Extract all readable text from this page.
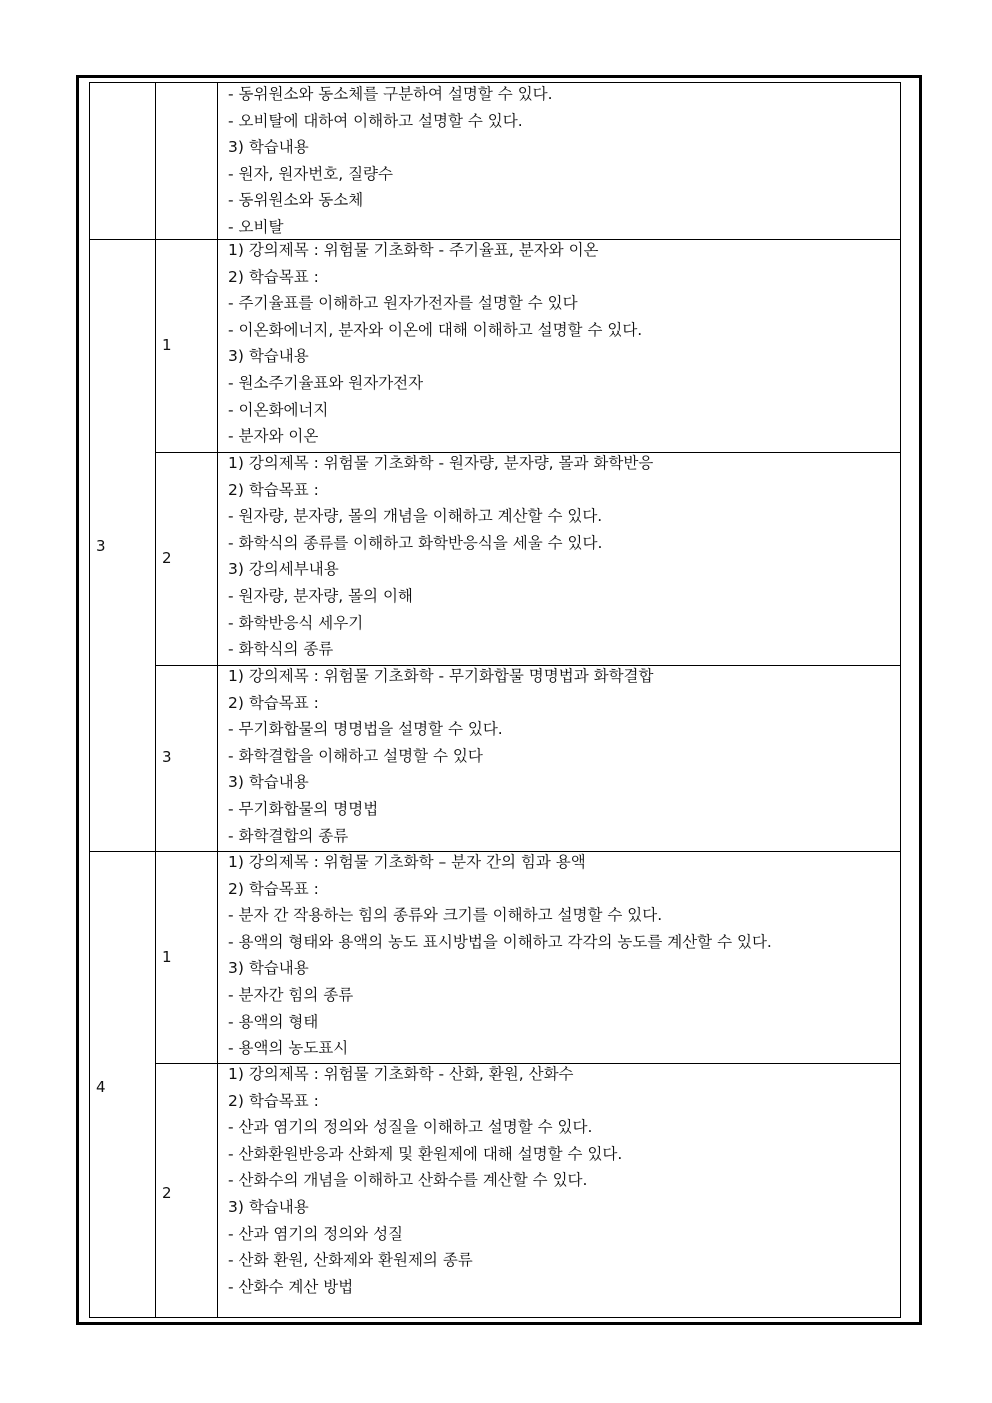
3
4
1
2
3
1
2
- 동위원소와 동소체를 구분하여 설명할 수 있다.
- 오비탈에 대하여 이해하고 설명할 수 있다.
3) 학습내용
- 원자, 원자번호, 질량수
- 동위원소와 동소체
- 오비탈
1) 강의제목 : 위험물 기초화학 - 주기율표, 분자와 이온
2) 학습목표 :
- 주기율표를 이해하고 원자가전자를 설명할 수 있다
- 이온화에너지, 분자와 이온에 대해 이해하고 설명할 수 있다.
3) 학습내용
- 원소주기율표와 원자가전자
- 이온화에너지
- 분자와 이온
1) 강의제목 : 위험물 기초화학 - 원자량, 분자량, 몰과 화학반응
2) 학습목표 :
- 원자량, 분자량, 몰의 개념을 이해하고 계산할 수 있다.
- 화학식의 종류를 이해하고 화학반응식을 세울 수 있다.
3) 강의세부내용
- 원자량, 분자량, 몰의 이해
- 화학반응식 세우기
- 화학식의 종류
1) 강의제목 : 위험물 기초화학 - 무기화합물 명명법과 화학결합
2) 학습목표 :
- 무기화합물의 명명법을 설명할 수 있다.
- 화학결합을 이해하고 설명할 수 있다
3) 학습내용
- 무기화합물의 명명법
- 화학결합의 종류
1) 강의제목 : 위험물 기초화학 – 분자 간의 힘과 용액
2) 학습목표 :
- 분자 간 작용하는 힘의 종류와 크기를 이해하고 설명할 수 있다.
- 용액의 형태와 용액의 농도 표시방법을 이해하고 각각의 농도를 계산할 수 있다.
3) 학습내용
- 분자간 힘의 종류
- 용액의 형태
- 용액의 농도표시
1) 강의제목 : 위험물 기초화학 - 산화, 환원, 산화수
2) 학습목표 :
- 산과 염기의 정의와 성질을 이해하고 설명할 수 있다.
- 산화환원반응과 산화제 및 환원제에 대해 설명할 수 있다.
- 산화수의 개념을 이해하고 산화수를 계산할 수 있다.
3) 학습내용
- 산과 염기의 정의와 성질
- 산화 환원, 산화제와 환원제의 종류
- 산화수 계산 방법
